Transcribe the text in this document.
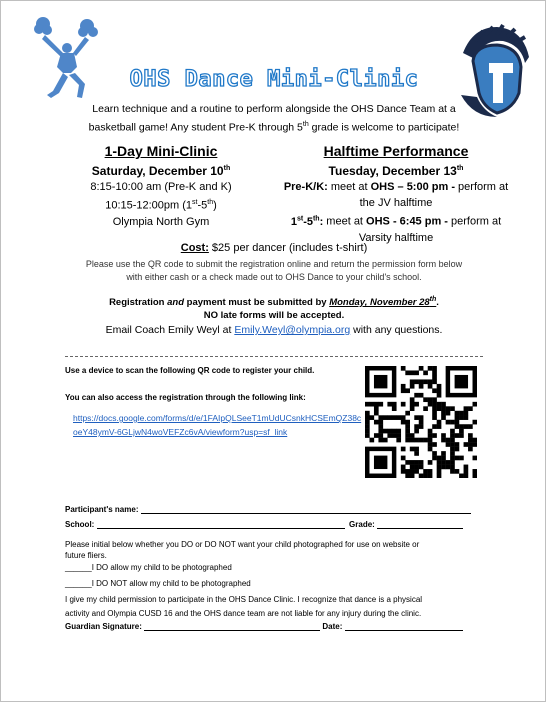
OHS Dance Mini-Clinic
Learn technique and a routine to perform alongside the OHS Dance Team at a
basketball game! Any student Pre-K through 5th grade is welcome to participate!
1-Day Mini-Clinic
Saturday, December 10th
8:15-10:00 am (Pre-K and K)
10:15-12:00pm (1st-5th)
Olympia North Gym
Halftime Performance
Tuesday, December 13th
Pre-K/K: meet at OHS – 5:00 pm - perform at
the JV halftime
1st-5th: meet at OHS - 6:45 pm - perform at
Varsity halftime
Cost: $25 per dancer (includes t-shirt)
Please use the QR code to submit the registration online and return the permission form below
with either cash or a check made out to OHS Dance to your child's school.
Registration and payment must be submitted by Monday, November 28th.
NO late forms will be accepted.
Email Coach Emily Weyl at Emily.Weyl@olympia.org with any questions.
Use a device to scan the following QR code to register your child.
You can also access the registration through the following link:
https://docs.google.com/forms/d/e/1FAIpQLSeeT1mUdUCsnkHCSEmQZ38coeY48ymV-6GLjwN4woVEFZc6vA/viewform?usp=sf_link
Participant's name:
School:	Grade:
Please initial below whether you DO or DO NOT want your child photographed for use on website or
future fliers.
______I DO allow my child to be photographed
______I DO NOT allow my child to be photographed
I give my child permission to participate in the OHS Dance Clinic. I recognize that dance is a physical
activity and Olympia CUSD 16 and the OHS dance team are not liable for any injury during the clinic.
Guardian Signature:	Date:
